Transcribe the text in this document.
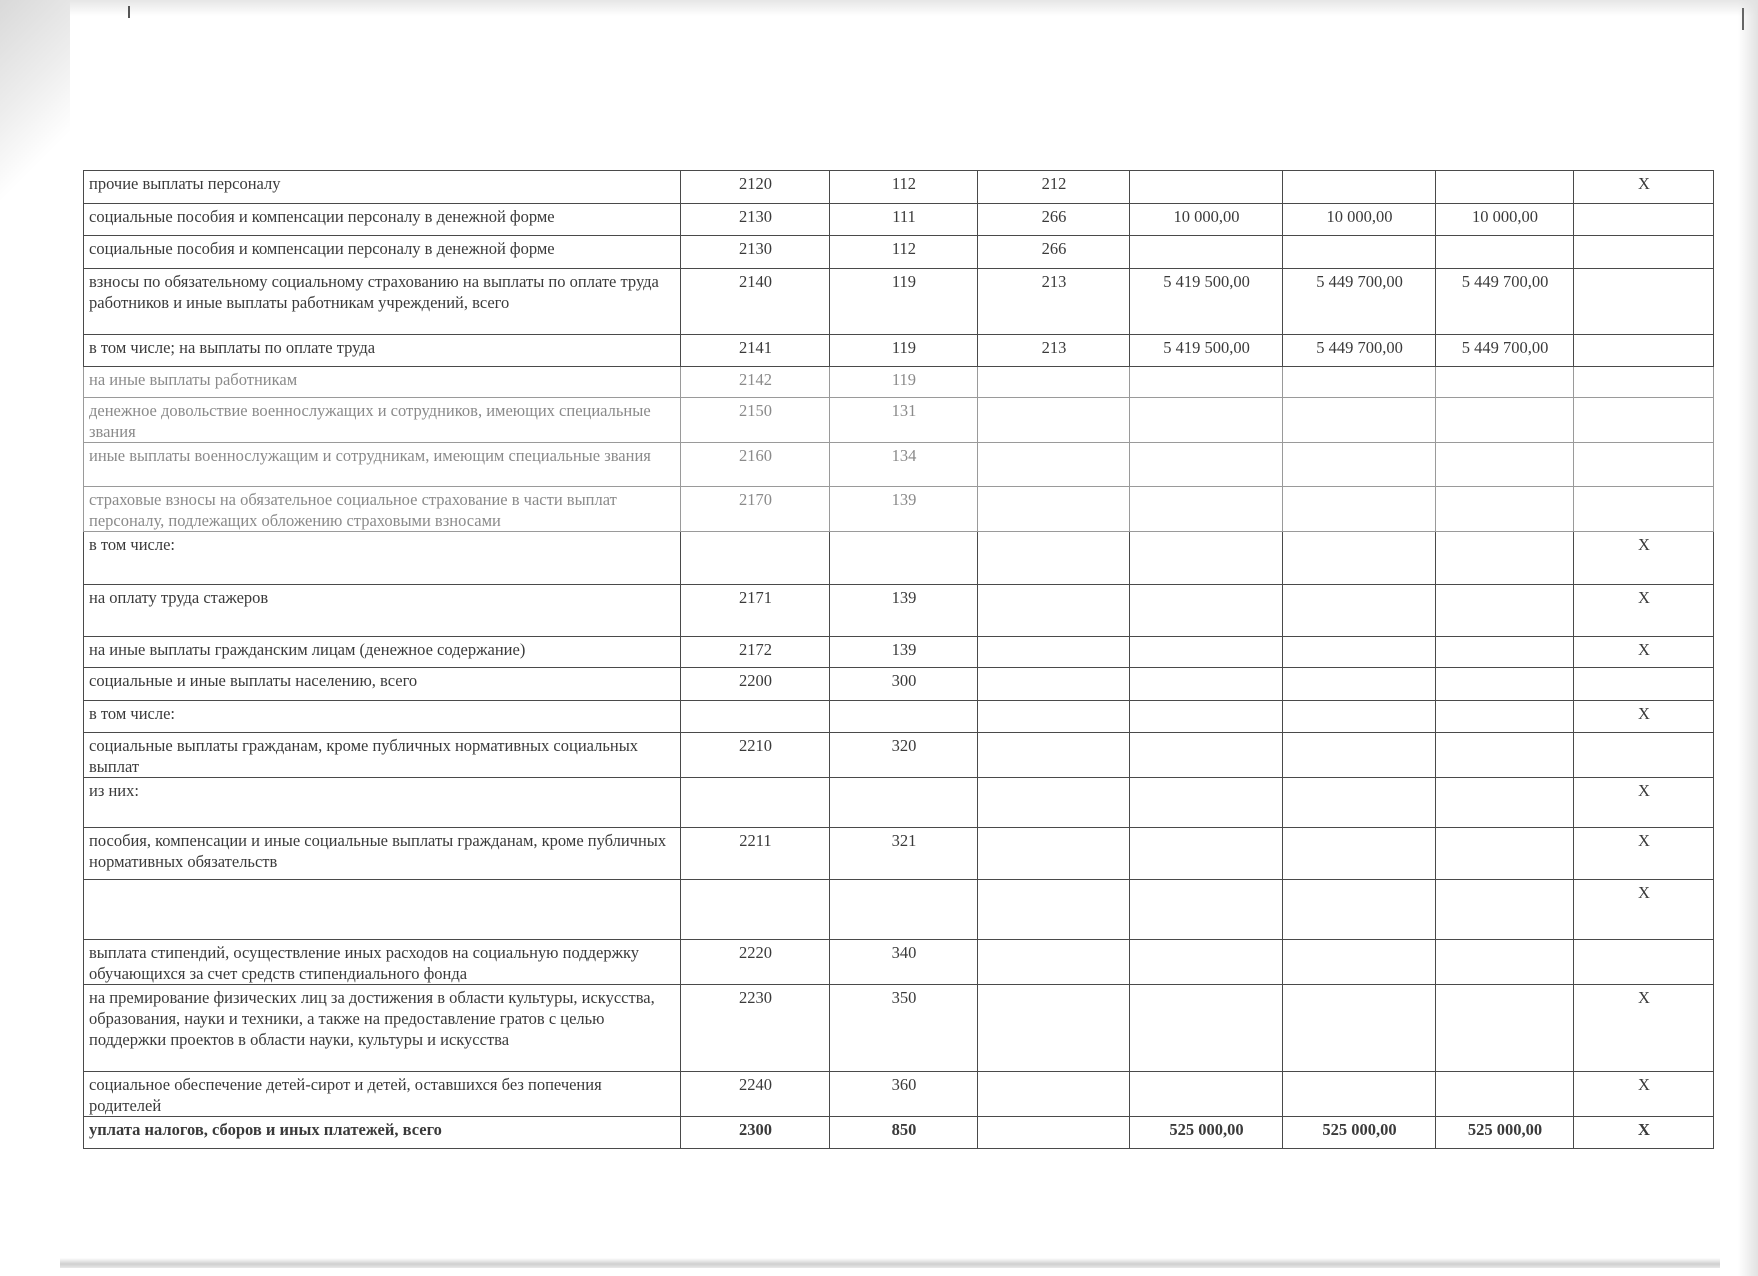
прочие выплаты персоналу	2120	112	212				X
социальные пособия и компенсации персоналу в денежной форме	2130	111	266	10 000,00	10 000,00	10 000,00	
социальные пособия и компенсации персоналу в денежной форме	2130	112	266				
взносы по обязательному социальному страхованию на выплаты по оплате труда работников и иные выплаты работникам учреждений, всего	2140	119	213	5 419 500,00	5 449 700,00	5 449 700,00	
в том числе; на выплаты по оплате труда	2141	119	213	5 419 500,00	5 449 700,00	5 449 700,00	
на иные выплаты работникам	2142	119					
денежное довольствие военнослужащих и сотрудников, имеющих специальные звания	2150	131					
иные выплаты военнослужащим и сотрудникам, имеющим специальные звания	2160	134					
страховые взносы на обязательное социальное страхование в части выплат персоналу, подлежащих обложению страховыми взносами	2170	139					
в том числе:							X
на оплату труда стажеров	2171	139					X
на иные выплаты гражданским лицам (денежное содержание)	2172	139					X
социальные и иные выплаты населению, всего	2200	300					
в том числе:							X
социальные выплаты гражданам, кроме публичных нормативных социальных выплат	2210	320					
из них:							X
пособия, компенсации и иные социальные выплаты гражданам, кроме публичных нормативных обязательств	2211	321					X
							X
выплата стипендий, осуществление иных расходов на социальную поддержку обучающихся за счет средств стипендиального фонда	2220	340					
на премирование физических лиц за достижения в области культуры, искусства, образования, науки и техники, а также на предоставление гратов с целью поддержки проектов в области науки, культуры и искусства	2230	350					X
социальное обеспечение детей-сирот и детей, оставшихся без попечения родителей	2240	360					X
уплата налогов, сборов и иных платежей, всего	2300	850		525 000,00	525 000,00	525 000,00	X
